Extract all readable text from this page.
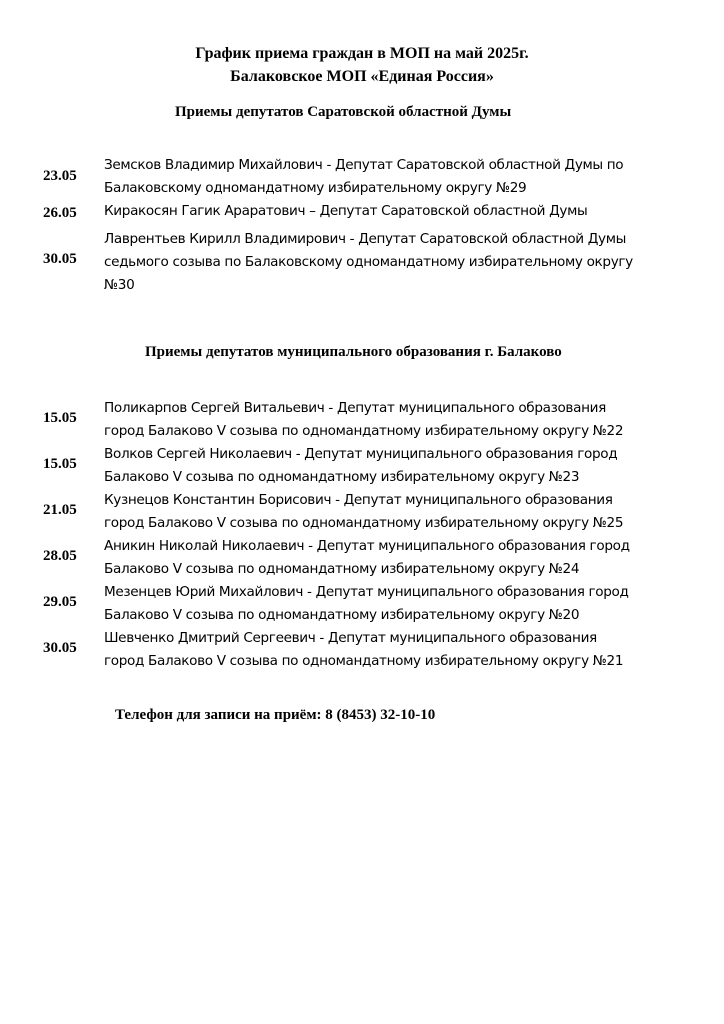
График приема граждан в МОП на май 2025г.
Балаковское МОП «Единая Россия»
Приемы депутатов Саратовской областной Думы
23.05
Земсков Владимир Михайлович - Депутат Саратовской областной Думы по
Балаковскому одномандатному избирательному округу №29
26.05	Киракосян Гагик Араратович – Депутат Саратовской областной Думы
30.05
Лаврентьев Кирилл Владимирович - Депутат Саратовской областной Думы
седьмого созыва по Балаковскому одномандатному избирательному округу
№30
Приемы депутатов муниципального образования г. Балаково
15.05
Поликарпов Сергей Витальевич - Депутат муниципального образования
город Балаково V созыва по одномандатному избирательному округу №22
15.05
Волков Сергей Николаевич - Депутат муниципального образования город
Балаково V созыва по одномандатному избирательному округу №23
21.05
Кузнецов Константин Борисович - Депутат муниципального образования
город Балаково V созыва по одномандатному избирательному округу №25
28.05
Аникин Николай Николаевич - Депутат муниципального образования город
Балаково V созыва по одномандатному избирательному округу №24
29.05
Мезенцев Юрий Михайлович - Депутат муниципального образования город
Балаково V созыва по одномандатному избирательному округу №20
30.05
Шевченко Дмитрий Сергеевич - Депутат муниципального образования
город Балаково V созыва по одномандатному избирательному округу №21
Телефон для записи на приём: 8 (8453) 32-10-10
